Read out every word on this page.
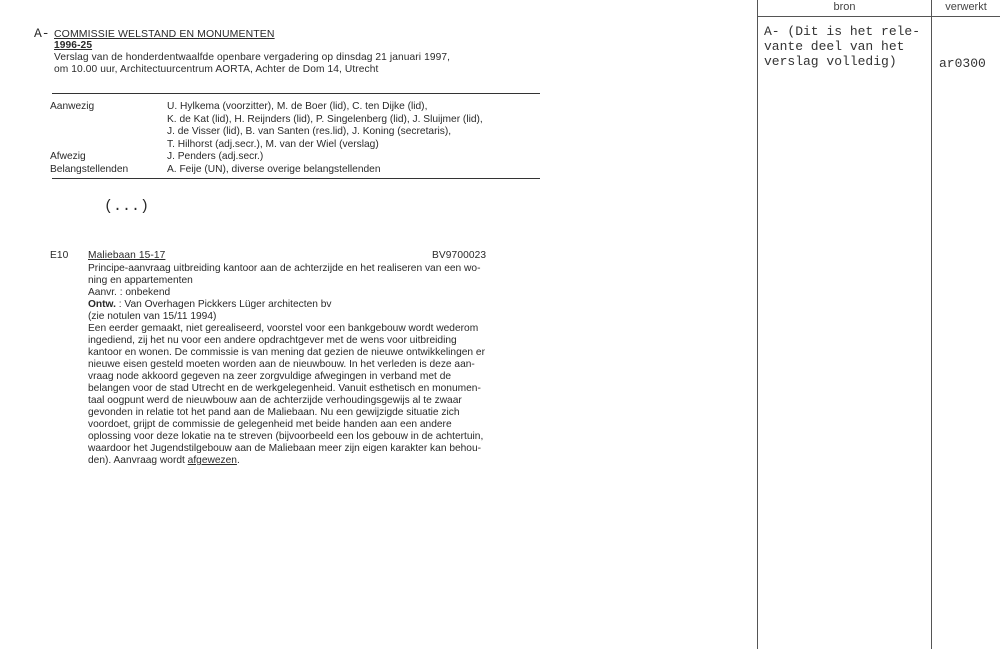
bron	verwerkt
A- (Dit is het rele-
vante deel van het
verslag volledig)	ar0300
A- COMMISSIE WELSTAND EN MONUMENTEN
1996-25
Verslag van de honderdentwaalfde openbare vergadering op dinsdag 21 januari 1997,
om 10.00 uur, Architectuurcentrum AORTA, Achter de Dom 14, Utrecht
Aanwezig	U. Hylkema (voorzitter), M. de Boer (lid), C. ten Dijke (lid),
K. de Kat (lid), H. Reijnders (lid), P. Singelenberg (lid), J. Sluijmer (lid),
J. de Visser (lid), B. van Santen (res.lid), J. Koning (secretaris),
T. Hilhorst (adj.secr.), M. van der Wiel (verslag)
Afwezig	J. Penders (adj.secr.)
Belangstellenden	A. Feije (UN), diverse overige belangstellenden
(...)
E10 Maliebaan 15-17	BV9700023
Principe-aanvraag uitbreiding kantoor aan de achterzijde en het realiseren van een wo-
ning en appartementen
Aanvr. : onbekend
Ontw. : Van Overhagen Pickkers Lüger architecten bv
(zie notulen van 15/11 1994)
Een eerder gemaakt, niet gerealiseerd, voorstel voor een bankgebouw wordt wederom
ingediend, zij het nu voor een andere opdrachtgever met de wens voor uitbreiding
kantoor en wonen. De commissie is van mening dat gezien de nieuwe ontwikkelingen er
nieuwe eisen gesteld moeten worden aan de nieuwbouw. In het verleden is deze aan-
vraag node akkoord gegeven na zeer zorgvuldige afwegingen in verband met de
belangen voor de stad Utrecht en de werkgelegenheid. Vanuit esthetisch en monumen-
taal oogpunt werd de nieuwbouw aan de achterzijde verhoudingsgewijs al te zwaar
gevonden in relatie tot het pand aan de Maliebaan. Nu een gewijzigde situatie zich
voordoet, grijpt de commissie de gelegenheid met beide handen aan een andere
oplossing voor deze lokatie na te streven (bijvoorbeeld een los gebouw in de achtertuin,
waardoor het Jugendstilgebouw aan de Maliebaan meer zijn eigen karakter kan behou-
den). Aanvraag wordt afgewezen.
